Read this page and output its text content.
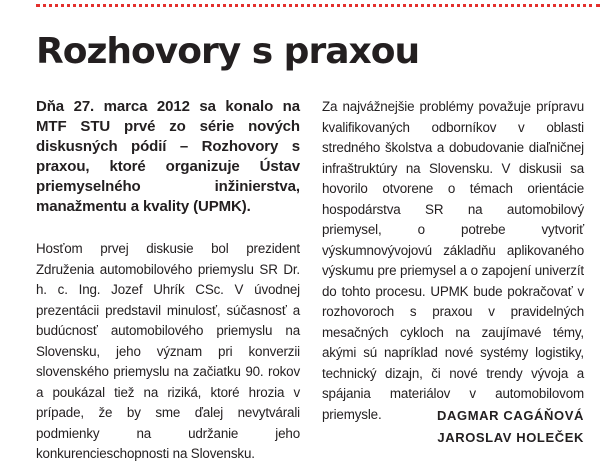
Rozhovory s praxou

Dňa 27. marca 2012 sa konalo na MTF STU prvé zo série nových diskusných pódií – Rozhovory s praxou, ktoré organizuje Ústav priemyselného inžinierstva, manažmentu a kvality (UPMK).

Hosťom prvej diskusie bol prezident Združenia automobilového priemyslu SR Dr. h. c. Ing. Jozef Uhrík CSc. V úvodnej prezentácii predstavil minulosť, súčasnosť a budúcnosť automobilového priemyslu na Slovensku, jeho význam pri konverzii slovenského priemyslu na začiatku 90. rokov a poukázal tiež na riziká, ktoré hrozia v prípade, že by sme ďalej nevytvárali podmienky na udržanie jeho konkurencieschopnosti na Slovensku.

Za najvážnejšie problémy považuje prípravu kvalifikovaných odborníkov v oblasti stredného školstva a dobudovanie diaľničnej infraštruktúry na Slovensku. V diskusii sa hovorilo otvorene o témach orientácie hospodárstva SR na automobilový priemysel, o potrebe vytvoriť výskumnovývojovú základňu aplikovaného výskumu pre priemysel a o zapojení univerzít do tohto procesu. UPMK bude pokračovať v rozhovoroch s praxou v pravidelných mesačných cykloch na zaujímavé témy, akými sú napríklad nové systémy logistiky, technický dizajn, či nové trendy vývoja a spájania materiálov v automobilovom priemysle.	DAGMAR CAGÁŇOVÁ
JAROSLAV HOLEČEK
